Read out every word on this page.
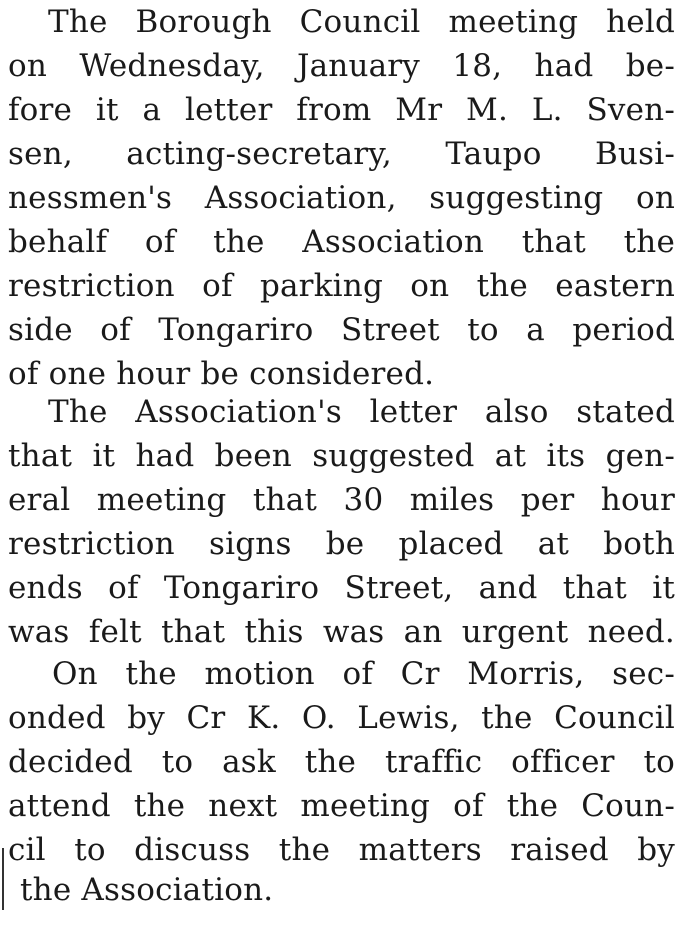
The Borough Council meeting held
on Wednesday, January 18, had be-
fore it a letter from Mr M. L. Sven-
sen, acting-secretary, Taupo Busi-
nessmen's Association, suggesting on
behalf of the Association that the
restriction of parking on the eastern
side of Tongariro Street to a period
of one hour be considered.
The Association's letter also stated
that it had been suggested at its gen-
eral meeting that 30 miles per hour
restriction signs be placed at both
ends of Tongariro Street, and that it
was felt that this was an urgent need.
On the motion of Cr Morris, sec-
onded by Cr K. O. Lewis, the Council
decided to ask the traffic officer to
attend the next meeting of the Coun-
cil to discuss the matters raised by
the Association.
